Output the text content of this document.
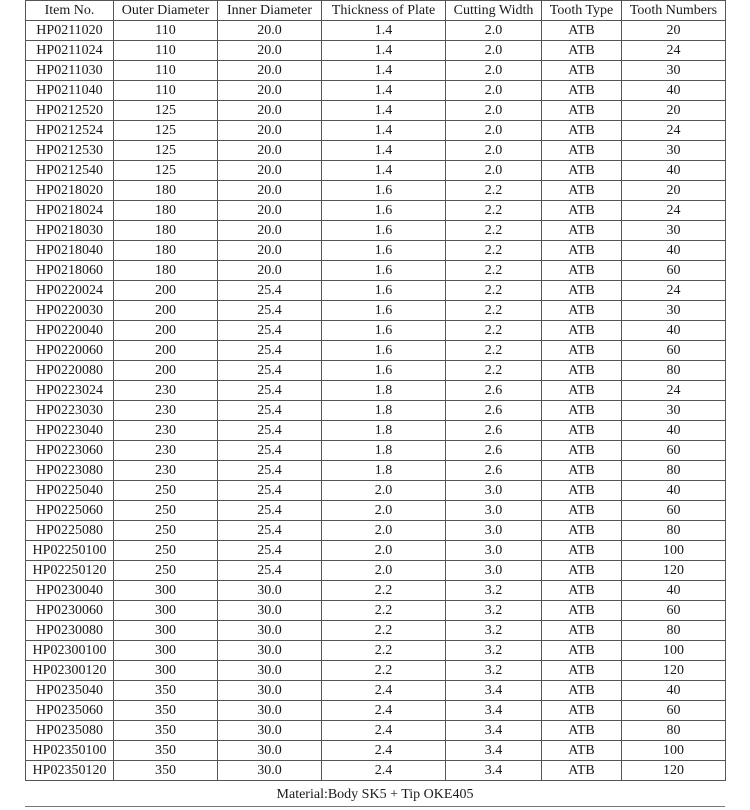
Item No.	Outer Diameter	Inner Diameter	Thickness of Plate	Cutting Width	Tooth Type	Tooth Numbers
HP0211020	110	20.0	1.4	2.0	ATB	20
HP0211024	110	20.0	1.4	2.0	ATB	24
HP0211030	110	20.0	1.4	2.0	ATB	30
HP0211040	110	20.0	1.4	2.0	ATB	40
HP0212520	125	20.0	1.4	2.0	ATB	20
HP0212524	125	20.0	1.4	2.0	ATB	24
HP0212530	125	20.0	1.4	2.0	ATB	30
HP0212540	125	20.0	1.4	2.0	ATB	40
HP0218020	180	20.0	1.6	2.2	ATB	20
HP0218024	180	20.0	1.6	2.2	ATB	24
HP0218030	180	20.0	1.6	2.2	ATB	30
HP0218040	180	20.0	1.6	2.2	ATB	40
HP0218060	180	20.0	1.6	2.2	ATB	60
HP0220024	200	25.4	1.6	2.2	ATB	24
HP0220030	200	25.4	1.6	2.2	ATB	30
HP0220040	200	25.4	1.6	2.2	ATB	40
HP0220060	200	25.4	1.6	2.2	ATB	60
HP0220080	200	25.4	1.6	2.2	ATB	80
HP0223024	230	25.4	1.8	2.6	ATB	24
HP0223030	230	25.4	1.8	2.6	ATB	30
HP0223040	230	25.4	1.8	2.6	ATB	40
HP0223060	230	25.4	1.8	2.6	ATB	60
HP0223080	230	25.4	1.8	2.6	ATB	80
HP0225040	250	25.4	2.0	3.0	ATB	40
HP0225060	250	25.4	2.0	3.0	ATB	60
HP0225080	250	25.4	2.0	3.0	ATB	80
HP02250100	250	25.4	2.0	3.0	ATB	100
HP02250120	250	25.4	2.0	3.0	ATB	120
HP0230040	300	30.0	2.2	3.2	ATB	40
HP0230060	300	30.0	2.2	3.2	ATB	60
HP0230080	300	30.0	2.2	3.2	ATB	80
HP02300100	300	30.0	2.2	3.2	ATB	100
HP02300120	300	30.0	2.2	3.2	ATB	120
HP0235040	350	30.0	2.4	3.4	ATB	40
HP0235060	350	30.0	2.4	3.4	ATB	60
HP0235080	350	30.0	2.4	3.4	ATB	80
HP02350100	350	30.0	2.4	3.4	ATB	100
HP02350120	350	30.0	2.4	3.4	ATB	120
Material:Body SK5 + Tip OKE405
